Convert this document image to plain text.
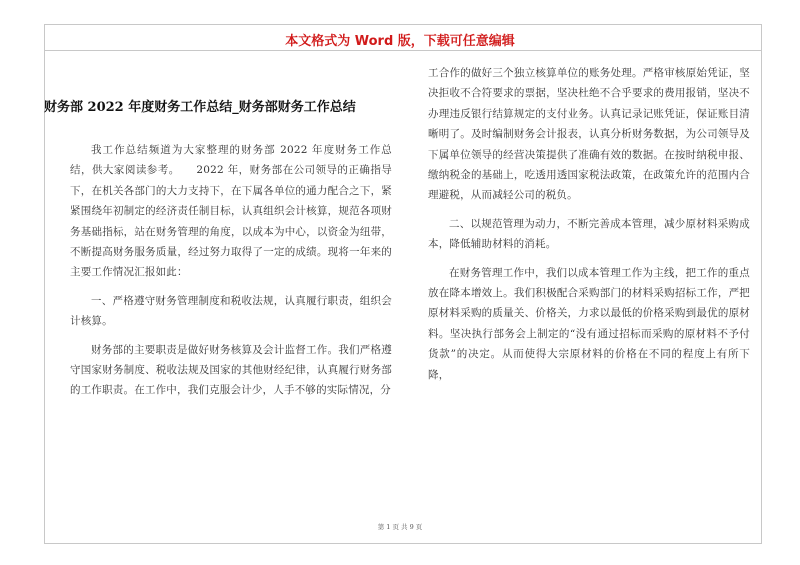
本文格式为 Word 版，下载可任意编辑
财务部 2022 年度财务工作总结_财务部财务工作总结

我工作总结频道为大家整理的财务部 2022 年度财务工作总结，供大家阅读参考。　　2022 年，财务部在公司领导的正确指导下，在机关各部门的大力支持下，在下属各单位的通力配合之下，紧紧围绕年初制定的经济责任制目标，认真组织会计核算，规范各项财务基础指标，站在财务管理的角度，以成本为中心，以资金为纽带，不断提高财务服务质量，经过努力取得了一定的成绩。现将一年来的主要工作情况汇报如此：

一、严格遵守财务管理制度和税收法规，认真履行职责，组织会计核算。

财务部的主要职责是做好财务核算及会计监督工作。我们严格遵守国家财务制度、税收法规及国家的其他财经纪律，认真履行财务部的工作职责。在工作中，我们克服会计少，人手不够的实际情况，分

工合作的做好三个独立核算单位的账务处理。严格审核原始凭证，坚决拒收不合符要求的票据，坚决杜绝不合乎要求的费用报销，坚决不办理违反银行结算规定的支付业务。认真记录记账凭证，保证账目清晰明了。及时编制财务会计报表，认真分析财务数据，为公司领导及下属单位领导的经营决策提供了准确有效的数据。在按时纳税申报、缴纳税金的基础上，吃透用透国家税法政策，在政策允许的范围内合理避税，从而减轻公司的税负。

二、以规范管理为动力，不断完善成本管理，减少原材料采购成本，降低辅助材料的消耗。

在财务管理工作中，我们以成本管理工作为主线，把工作的重点放在降本增效上。我们积极配合采购部门的材料采购招标工作，严把原材料采购的质量关、价格关，力求以最低的价格采购到最优的原材料。坚决执行部务会上制定的“没有通过招标而采购的原材料不予付货款”的决定。从而使得大宗原材料的价格在不同的程度上有所下降，

第 1 页 共 9 页
